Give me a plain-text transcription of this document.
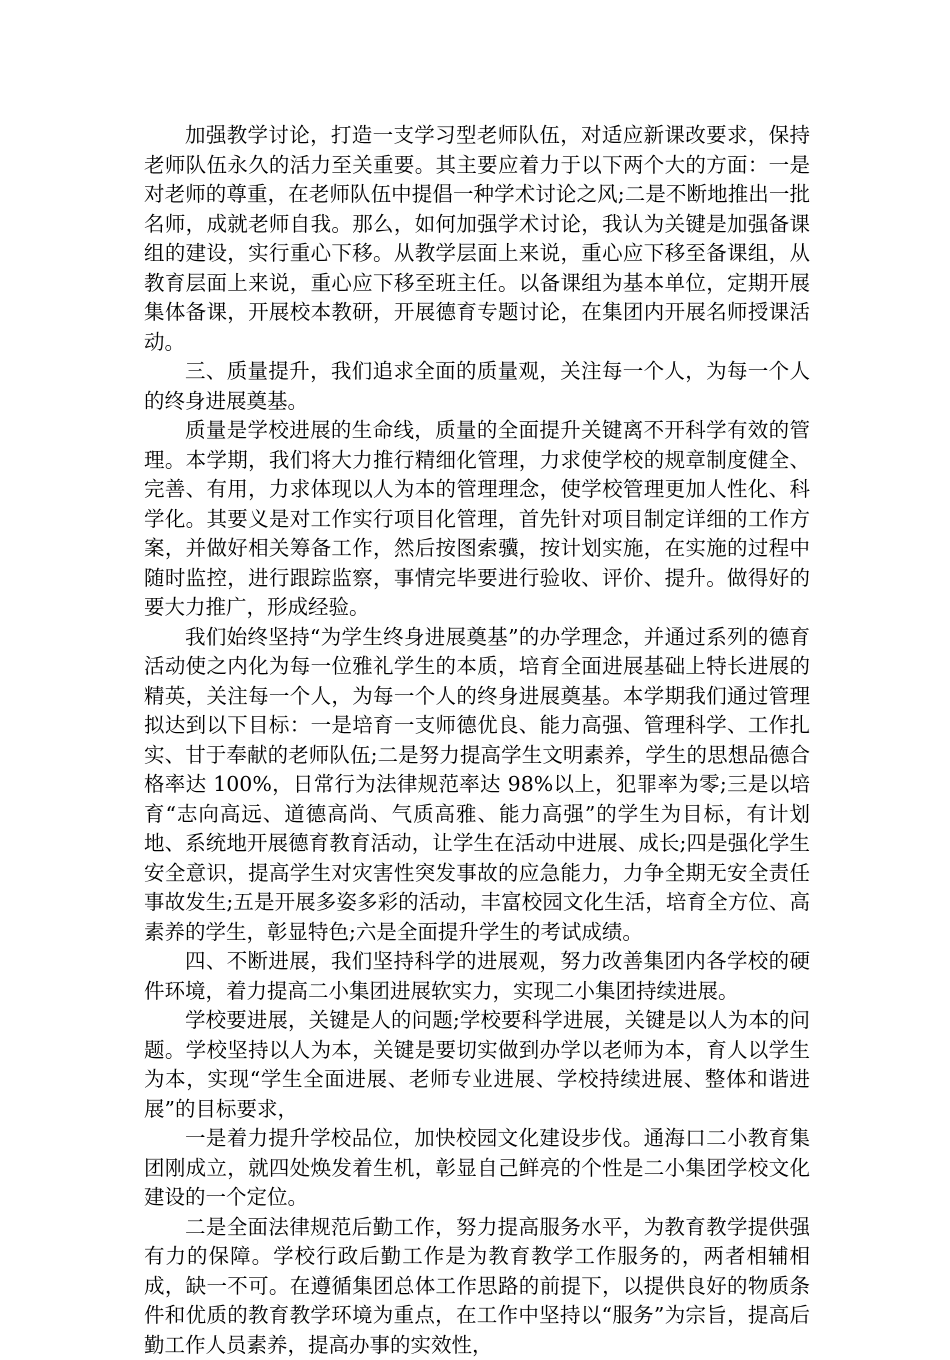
加强教学讨论，打造一支学习型老师队伍，对适应新课改要求，保持老师队伍永久的活力至关重要。其主要应着力于以下两个大的方面：一是对老师的尊重，在老师队伍中提倡一种学术讨论之风;二是不断地推出一批名师，成就老师自我。那么，如何加强学术讨论，我认为关键是加强备课组的建设，实行重心下移。从教学层面上来说，重心应下移至备课组，从教育层面上来说，重心应下移至班主任。以备课组为基本单位，定期开展集体备课，开展校本教研，开展德育专题讨论，在集团内开展名师授课活动。

三、质量提升，我们追求全面的质量观，关注每一个人，为每一个人的终身进展奠基。

质量是学校进展的生命线，质量的全面提升关键离不开科学有效的管理。本学期，我们将大力推行精细化管理，力求使学校的规章制度健全、完善、有用，力求体现以人为本的管理理念，使学校管理更加人性化、科学化。其要义是对工作实行项目化管理，首先针对项目制定详细的工作方案，并做好相关筹备工作，然后按图索骥，按计划实施，在实施的过程中随时监控，进行跟踪监察，事情完毕要进行验收、评价、提升。做得好的要大力推广，形成经验。

我们始终坚持“为学生终身进展奠基”的办学理念，并通过系列的德育活动使之内化为每一位雅礼学生的本质，培育全面进展基础上特长进展的精英，关注每一个人，为每一个人的终身进展奠基。本学期我们通过管理拟达到以下目标：一是培育一支师德优良、能力高强、管理科学、工作扎实、甘于奉献的老师队伍;二是努力提高学生文明素养，学生的思想品德合格率达 100%，日常行为法律规范率达 98%以上，犯罪率为零;三是以培育“志向高远、道德高尚、气质高雅、能力高强”的学生为目标，有计划地、系统地开展德育教育活动，让学生在活动中进展、成长;四是强化学生安全意识，提高学生对灾害性突发事故的应急能力，力争全期无安全责任事故发生;五是开展多姿多彩的活动，丰富校园文化生活，培育全方位、高素养的学生，彰显特色;六是全面提升学生的考试成绩。

四、不断进展，我们坚持科学的进展观，努力改善集团内各学校的硬件环境，着力提高二小集团进展软实力，实现二小集团持续进展。

学校要进展，关键是人的问题;学校要科学进展，关键是以人为本的问题。学校坚持以人为本，关键是要切实做到办学以老师为本，育人以学生为本，实现“学生全面进展、老师专业进展、学校持续进展、整体和谐进展”的目标要求，

一是着力提升学校品位，加快校园文化建设步伐。通海口二小教育集团刚成立，就四处焕发着生机，彰显自己鲜亮的个性是二小集团学校文化建设的一个定位。

二是全面法律规范后勤工作，努力提高服务水平，为教育教学提供强有力的保障。学校行政后勤工作是为教育教学工作服务的，两者相辅相成，缺一不可。在遵循集团总体工作思路的前提下，以提供良好的物质条件和优质的教育教学环境为重点，在工作中坚持以“服务”为宗旨，提高后勤工作人员素养，提高办事的实效性，
